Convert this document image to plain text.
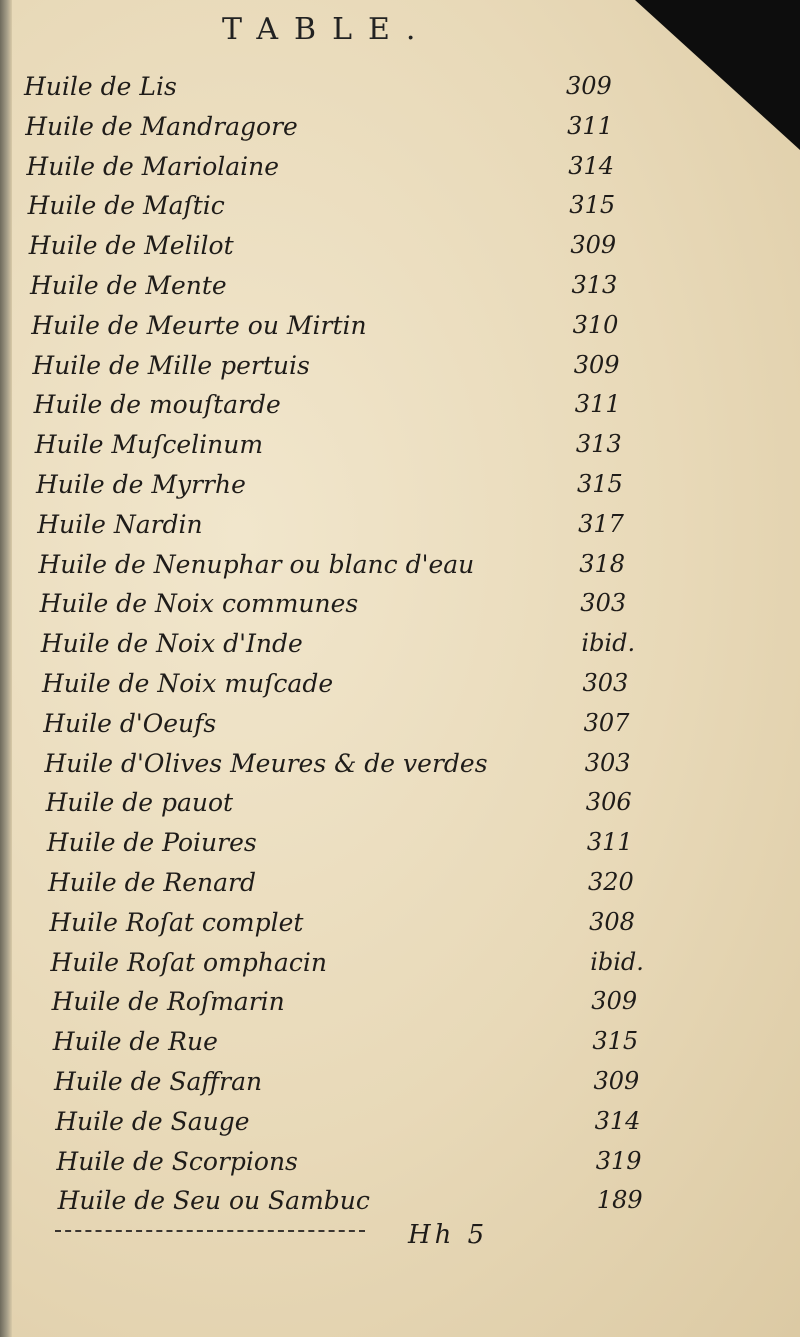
TABLE.
Huile de Lis	309
Huile de Mandragore	311
Huile de Mariolaine	314
Huile de Maſtic	315
Huile de Melilot	309
Huile de Mente	313
Huile de Meurte ou Mirtin	310
Huile de Mille pertuis	309
Huile de mouſtarde	311
Huile Muſcelinum	313
Huile de Myrrhe	315
Huile Nardin	317
Huile de Nenuphar ou blanc d'eau	318
Huile de Noix communes	303
Huile de Noix d'Inde	ibid.
Huile de Noix muſcade	303
Huile d'Oeufs	307
Huile d'Olives Meures & de verdes	303
Huile de pauot	306
Huile de Poiures	311
Huile de Renard	320
Huile Roſat complet	308
Huile Roſat omphacin	ibid.
Huile de Roſmarin	309
Huile de Rue	315
Huile de Saffran	309
Huile de Sauge	314
Huile de Scorpions	319
Huile de Seu ou Sambuc	189
Hh 5
